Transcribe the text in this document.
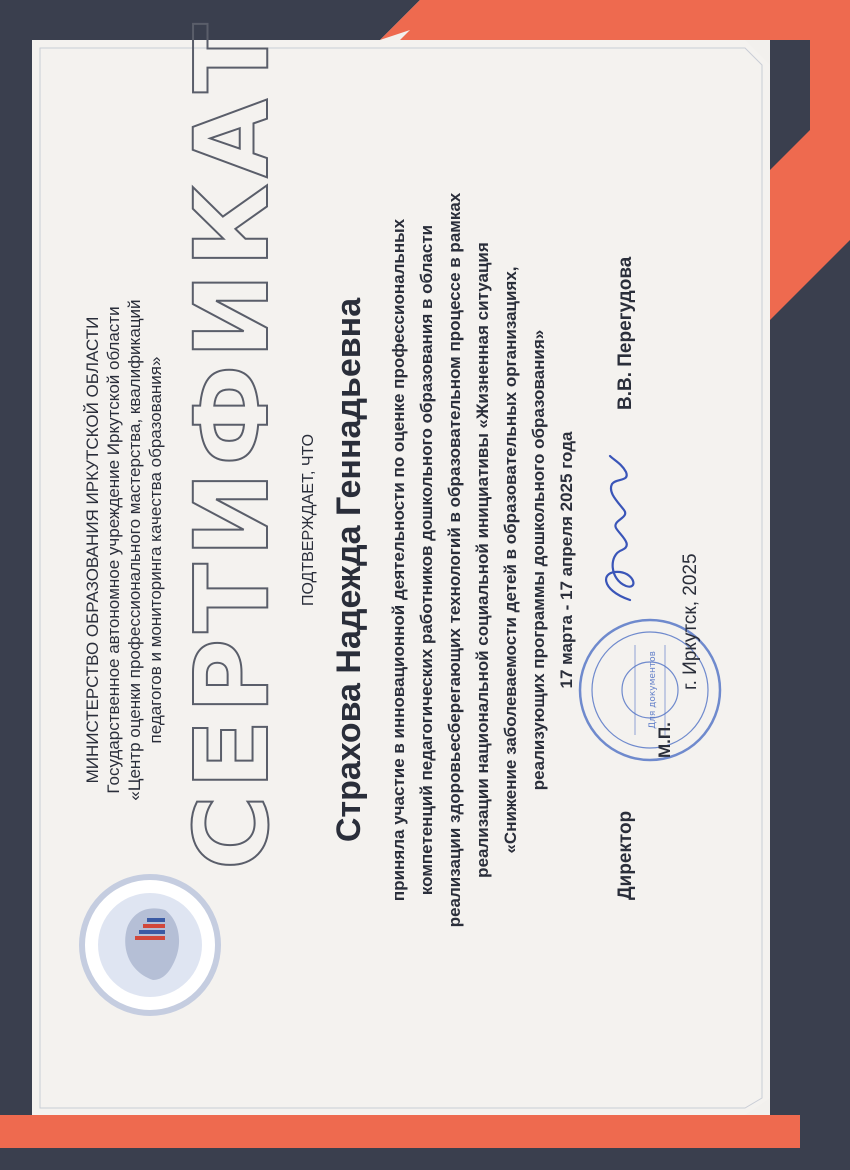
МИНИСТЕРСТВО ОБРАЗОВАНИЯ ИРКУТСКОЙ ОБЛАСТИ Государственное автономное учреждение Иркутской области «Центр оценки профессионального мастерства, квалификаций педагогов и мониторинга качества образования» СЕРТИФИКАТ ПОДТВЕРЖДАЕТ, ЧТО Страхова Надежда Геннадьевна приняла участие в инновационной деятельности по оценке профессиональных компетенций педагогических работников дошкольного образования в области реализации здоровьесберегающих технологий в образовательном процессе в рамках реализации национальной социальной инициативы «Жизненная ситуация «Снижение заболеваемости детей в образовательных организациях, реализующих программы дошкольного образования» 17 марта - 17 апреля 2025 года
Для документов
Директор
М.П.
В.В. Перегудова
г. Иркутск, 2025
